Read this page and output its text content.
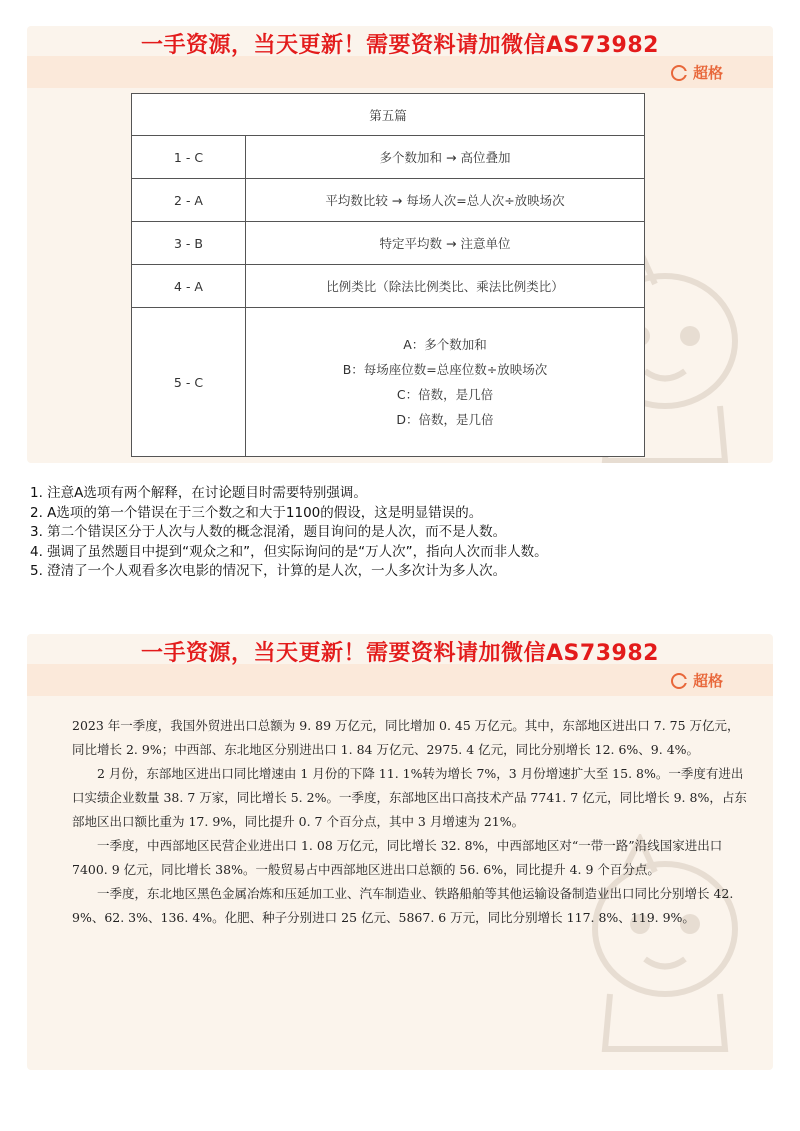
超格
一手资源，当天更新！需要资料请加微信AS73982
第五篇	
1 - C	多个数加和 → 高位叠加
2 - A	平均数比较 → 每场人次=总人次÷放映场次
3 - B	特定平均数 → 注意单位
4 - A	比例类比（除法比例类比、乘法比例类比）
5 - C	A：多个数加和
B：每场座位数=总座位数÷放映场次
C：倍数，是几倍
D：倍数，是几倍
1. 注意A选项有两个解释，在讨论题目时需要特别强调。
2. A选项的第一个错误在于三个数之和大于1100的假设，这是明显错误的。
3. 第二个错误区分于人次与人数的概念混淆，题目询问的是人次，而不是人数。
4. 强调了虽然题目中提到“观众之和”，但实际询问的是“万人次”，指向人次而非人数。
5. 澄清了一个人观看多次电影的情况下，计算的是人次，一人多次计为多人次。
超格
一手资源，当天更新！需要资料请加微信AS73982

2023 年一季度，我国外贸进出口总额为 9. 89 万亿元，同比增加 0. 45 万亿元。其中，东部地区进出口 7. 75 万亿元，同比增长 2. 9%；中西部、东北地区分别进出口 1. 84 万亿元、2975. 4 亿元，同比分别增长 12. 6%、9. 4%。

2 月份，东部地区进出口同比增速由 1 月份的下降 11. 1%转为增长 7%，3 月份增速扩大至 15. 8%。一季度有进出口实绩企业数量 38. 7 万家，同比增长 5. 2%。一季度，东部地区出口高技术产品 7741. 7 亿元，同比增长 9. 8%，占东部地区出口额比重为 17. 9%，同比提升 0. 7 个百分点，其中 3 月增速为 21%。

一季度，中西部地区民营企业进出口 1. 08 万亿元，同比增长 32. 8%，中西部地区对“一带一路”沿线国家进出口 7400. 9 亿元，同比增长 38%。一般贸易占中西部地区进出口总额的 56. 6%，同比提升 4. 9 个百分点。

一季度，东北地区黑色金属冶炼和压延加工业、汽车制造业、铁路船舶等其他运输设备制造业出口同比分别增长 42. 9%、62. 3%、136. 4%。化肥、种子分别进口 25 亿元、5867. 6 万元，同比分别增长 117. 8%、119. 9%。
